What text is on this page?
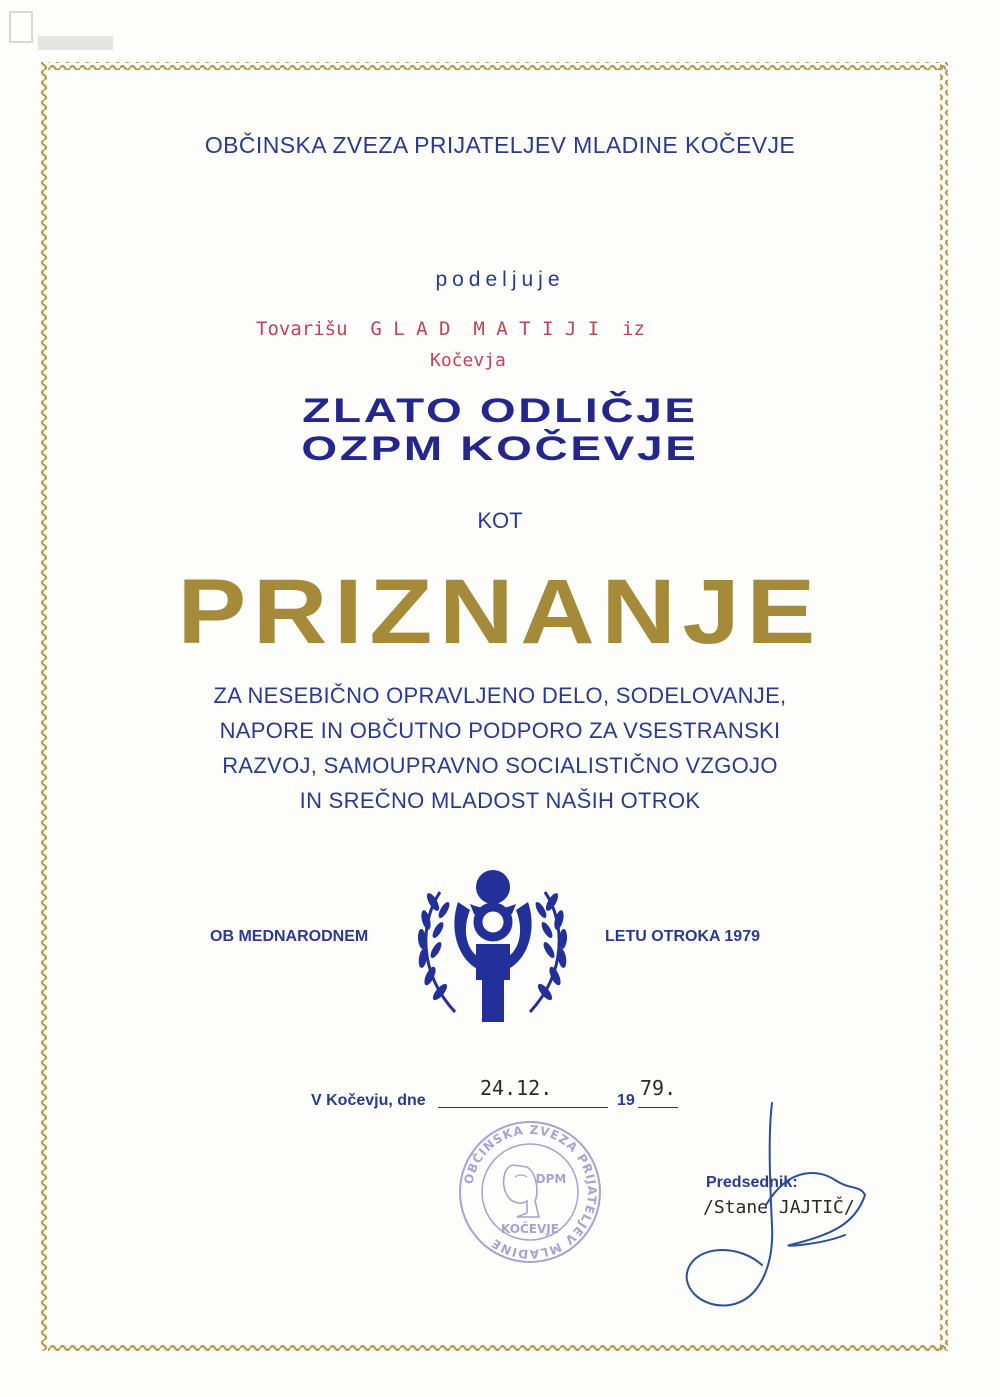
OBČINSKA ZVEZA PRIJATELJEV MLADINE KOČEVJE
podeljuje
Tovarišu  G L A D  M A T I J I  iz
Kočevja
ZLATO ODLIČJE
OZPM KOČEVJE
KOT
PRIZNANJE
ZA NESEBIČNO OPRAVLJENO DELO, SODELOVANJE,
NAPORE IN OBČUTNO PODPORO ZA VSESTRANSKI
RAZVOJ, SAMOUPRAVNO SOCIALISTIČNO VZGOJO
IN SREČNO MLADOST NAŠIH OTROK
OB MEDNARODNEM	LETU OTROKA 1979
V Kočevju, dne
24.12.
19
79.
OBČINSKA ZVEZA PRIJATELJEV MLADINE
DPM
KOČEVJE
Predsednik:
/Stane JAJTIČ/
